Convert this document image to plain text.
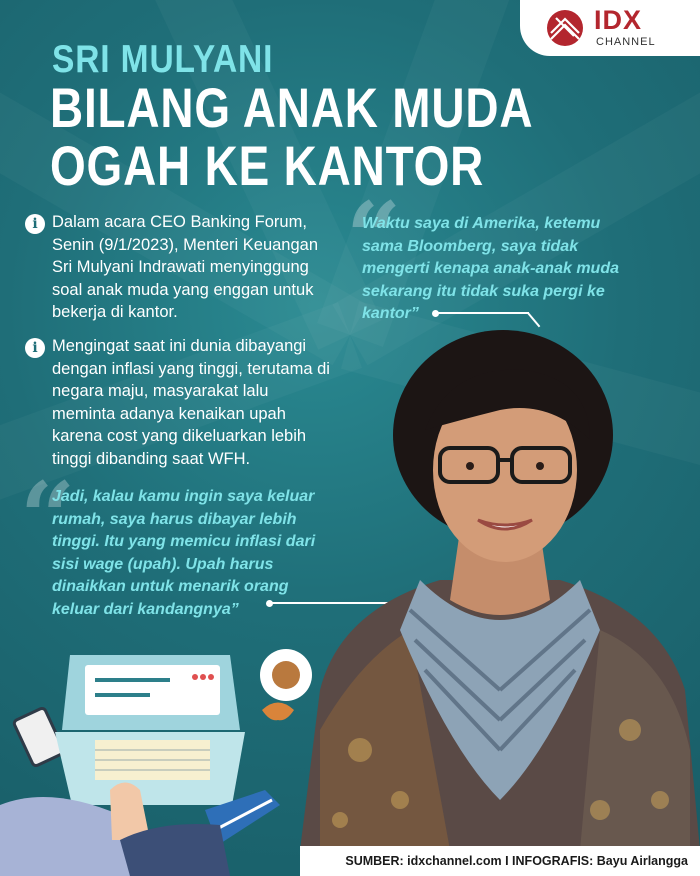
IDX
CHANNEL
SRI MULYANI
BILANG ANAK MUDA
OGAH KE KANTOR
i Dalam acara CEO Banking Forum,
Senin (9/1/2023), Menteri Keuangan
Sri Mulyani Indrawati menyinggung
soal anak muda yang enggan untuk
bekerja di kantor.
i Mengingat saat ini dunia dibayangi
dengan inflasi yang tinggi, terutama di
negara maju, masyarakat lalu
meminta adanya kenaikan upah
karena cost yang dikeluarkan lebih
tinggi dibanding saat WFH.
“
Waktu saya di Amerika, ketemu
sama Bloomberg, saya tidak
mengerti kenapa anak-anak muda
sekarang itu tidak suka pergi ke
kantor”
“
Jadi, kalau kamu ingin saya keluar
rumah, saya harus dibayar lebih
tinggi. Itu yang memicu inflasi dari
sisi wage (upah). Upah harus
dinaikkan untuk menarik orang
keluar dari kandangnya”
SUMBER: idxchannel.com I INFOGRAFIS: Bayu Airlangga
